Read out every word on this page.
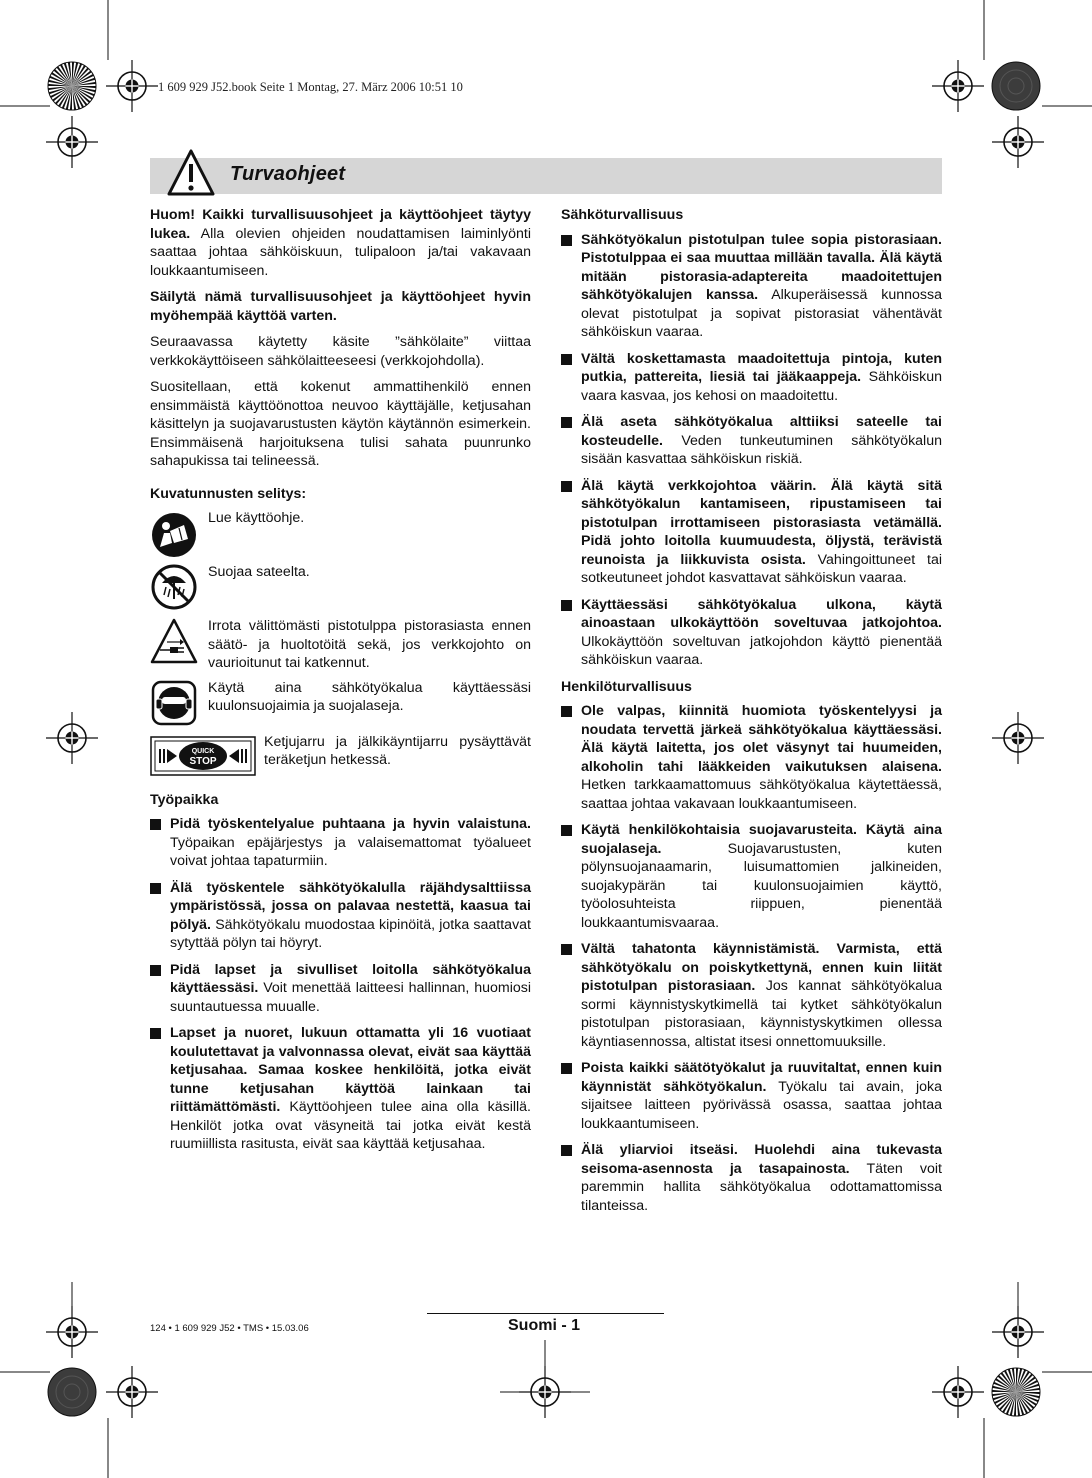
1 609 929 J52.book Seite 1 Montag, 27. März 2006 10:51 10
Turvaohjeet

Huom! Kaikki turvallisuusohjeet ja käyttöohjeet täytyy lukea. Alla olevien ohjeiden noudattamisen laiminlyönti saattaa johtaa sähköiskuun, tulipaloon ja/tai vakavaan loukkaantumiseen.

Säilytä nämä turvallisuusohjeet ja käyttöohjeet hyvin myöhempää käyttöä varten.

Seuraavassa käytetty käsite ”sähkölaite” viittaa verkkokäyttöiseen sähkölaitteeseesi (verkkojohdolla).

Suositellaan, että kokenut ammattihenkilö ennen ensimmäistä käyttöönottoa neuvoo käyttäjälle, ketjusahan käsittelyn ja suojavarustusten käytön käytännön esimerkein. Ensimmäisenä harjoituksena tulisi sahata puunrunko sahapukissa tai telineessä.

Kuvatunnusten selitys:
Lue käyttöohje.
Suojaa sateelta.
Irrota välittömästi pistotulppa pistorasiasta ennen säätö- ja huoltotöitä sekä, jos verkkojohto on vaurioitunut tai katkennut.
Käytä aina sähkötyökalua käyttäessäsi kuulonsuojaimia ja suojalaseja.
QUICK
STOP
Ketjujarru ja jälkikäyntijarru pysäyttävät teräketjun hetkessä.
Työpaikka
Pidä työskentelyalue puhtaana ja hyvin valaistuna. Työpaikan epäjärjestys ja valaisemattomat työalueet voivat johtaa tapaturmiin.
Älä työskentele sähkötyökalulla räjähdysalttiissa ympäristössä, jossa on palavaa nestettä, kaasua tai pölyä. Sähkötyökalu muodostaa kipinöitä, jotka saattavat sytyttää pölyn tai höyryt.
Pidä lapset ja sivulliset loitolla sähkötyökalua käyttäessäsi. Voit menettää laitteesi hallinnan, huomiosi suuntautuessa muualle.
Lapset ja nuoret, lukuun ottamatta yli 16 vuotiaat koulutettavat ja valvonnassa olevat, eivät saa käyttää ketjusahaa. Samaa koskee henkilöitä, jotka eivät tunne ketjusahan käyttöä lainkaan tai riittämättömästi. Käyttöohjeen tulee aina olla käsillä. Henkilöt jotka ovat väsyneitä tai jotka eivät kestä ruumiillista rasitusta, eivät saa käyttää ketjusahaa.
Sähköturvallisuus
Sähkötyökalun pistotulpan tulee sopia pistorasiaan. Pistotulppaa ei saa muuttaa millään tavalla. Älä käytä mitään pistorasia-adaptereita maadoitettujen sähkötyökalujen kanssa. Alkuperäisessä kunnossa olevat pistotulpat ja sopivat pistorasiat vähentävät sähköiskun vaaraa.
Vältä koskettamasta maadoitettuja pintoja, kuten putkia, pattereita, liesiä tai jääkaappeja. Sähköiskun vaara kasvaa, jos kehosi on maadoitettu.
Älä aseta sähkötyökalua alttiiksi sateelle tai kosteudelle. Veden tunkeutuminen sähkötyökalun sisään kasvattaa sähköiskun riskiä.
Älä käytä verkkojohtoa väärin. Älä käytä sitä sähkötyökalun kantamiseen, ripustamiseen tai pistotulpan irrottamiseen pistorasiasta vetämällä. Pidä johto loitolla kuumuudesta, öljystä, terävistä reunoista ja liikkuvista osista. Vahingoittuneet tai sotkeutuneet johdot kasvattavat sähköiskun vaaraa.
Käyttäessäsi sähkötyökalua ulkona, käytä ainoastaan ulkokäyttöön soveltuvaa jatkojohtoa. Ulkokäyttöön soveltuvan jatkojohdon käyttö pienentää sähköiskun vaaraa.
Henkilöturvallisuus
Ole valpas, kiinnitä huomiota työskentelyysi ja noudata tervettä järkeä sähkötyökalua käyttäessäsi. Älä käytä laitetta, jos olet väsynyt tai huumeiden, alkoholin tahi lääkkeiden vaikutuksen alaisena. Hetken tarkkaamattomuus sähkötyökalua käytettäessä, saattaa johtaa vakavaan loukkaantumiseen.
Käytä henkilökohtaisia suojavarusteita. Käytä aina suojalaseja. Suojavarustusten, kuten pölynsuojanaamarin, luisumattomien jalkineiden, suojakypärän tai kuulonsuojaimien käyttö, työolosuhteista riippuen, pienentää loukkaantumisvaaraa.
Vältä tahatonta käynnistämistä. Varmista, että sähkötyökalu on poiskytkettynä, ennen kuin liität pistotulpan pistorasiaan. Jos kannat sähkötyökalua sormi käynnistyskytkimellä tai kytket sähkötyökalun pistotulpan pistorasiaan, käynnistyskytkimen ollessa käyntiasennossa, altistat itsesi onnettomuuksille.
Poista kaikki säätötyökalut ja ruuvitaltat, ennen kuin käynnistät sähkötyökalun. Työkalu tai avain, joka sijaitsee laitteen pyörivässä osassa, saattaa johtaa loukkaantumiseen.
Älä yliarvioi itseäsi. Huolehdi aina tukevasta seisoma-asennosta ja tasapainosta. Täten voit paremmin hallita sähkötyökalua odottamattomissa tilanteissa.
124 • 1 609 929 J52 • TMS • 15.03.06	Suomi - 1
